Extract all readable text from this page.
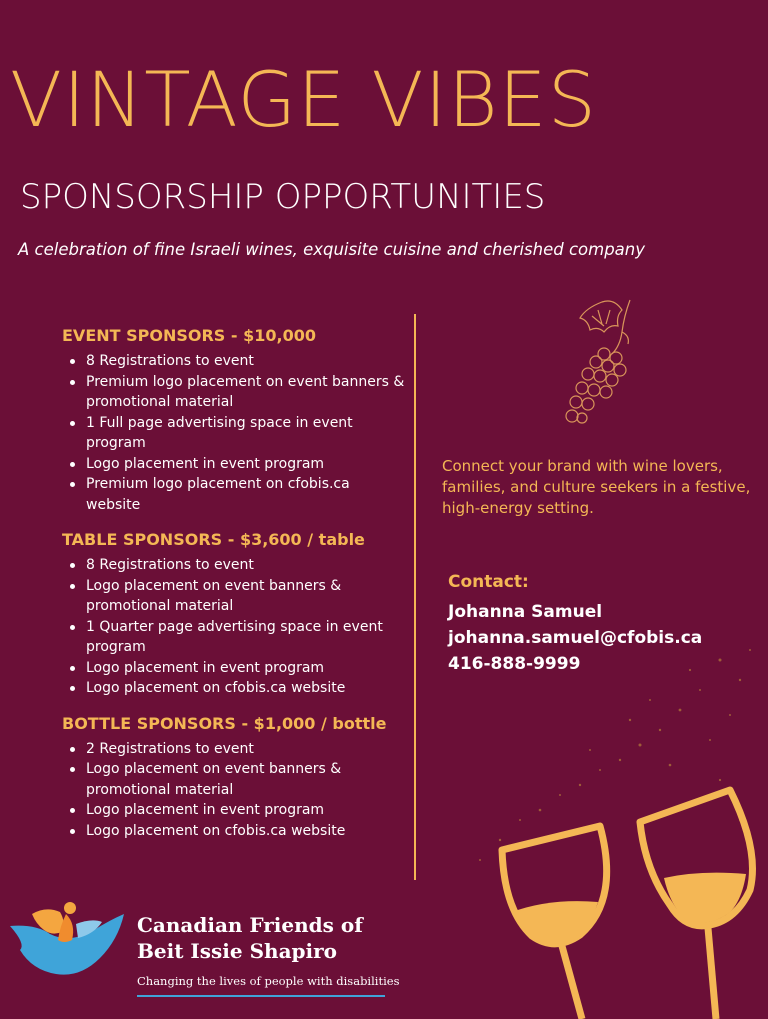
VINTAGE VIBES
SPONSORSHIP OPPORTUNITIES
A celebration of fine Israeli wines, exquisite cuisine and cherished company
EVENT SPONSORS - $10,000
8 Registrations to event
Premium logo placement on event banners & promotional material
1 Full page advertising space in event program
Logo placement in event program
Premium logo placement on cfobis.ca website
TABLE SPONSORS - $3,600 / table
8 Registrations to event
Logo placement on event banners & promotional material
1 Quarter page advertising space in event program
Logo placement in event program
Logo placement on cfobis.ca website
BOTTLE SPONSORS - $1,000 / bottle
2 Registrations to event
Logo placement on event banners & promotional material
Logo placement in event program
Logo placement on cfobis.ca website
Connect your brand with wine lovers, families, and culture seekers in a festive, high-energy setting.
Contact:
Johanna Samuel
johanna.samuel@cfobis.ca
416-888-9999
Canadian Friends of
Beit Issie Shapiro
Changing the lives of people with disabilities
